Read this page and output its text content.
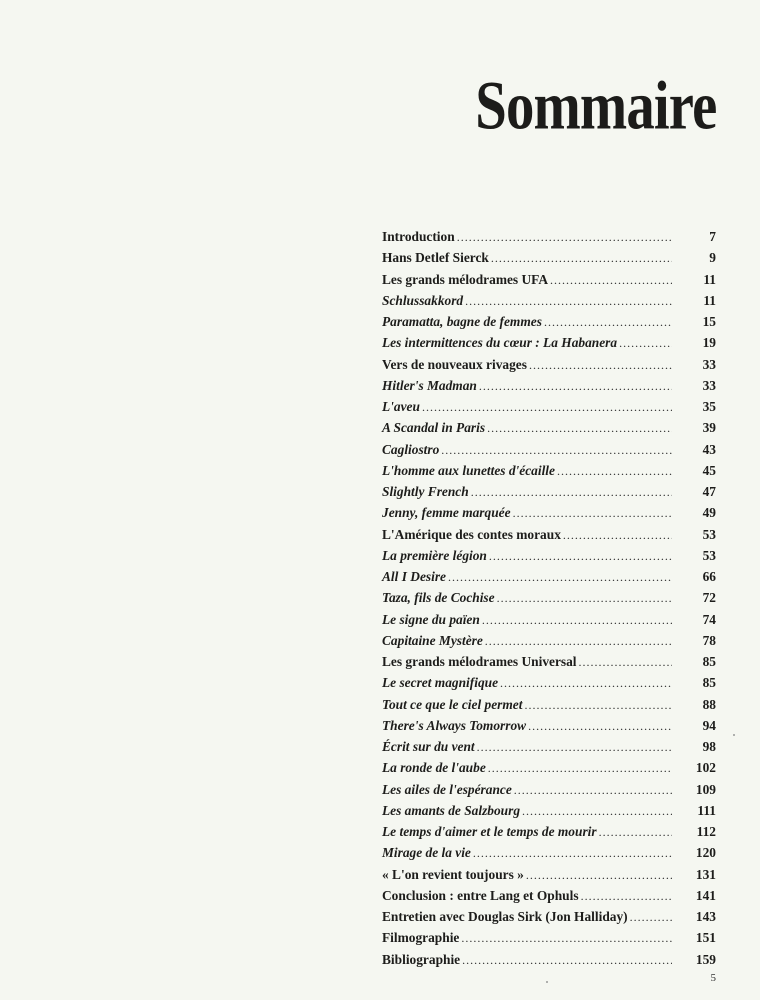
Sommaire
Introduction . . .	7
Hans Detlef Sierck . . .	9
Les grands mélodrames UFA . . .	11
Schlussakkord . . .	11
Paramatta, bagne de femmes . . .	15
Les intermittences du cœur : La Habanera . . .	19
Vers de nouveaux rivages . . .	33
Hitler's Madman . . .	33
L'aveu . . .	35
A Scandal in Paris . . .	39
Cagliostro . . .	43
L'homme aux lunettes d'écaille . . .	45
Slightly French . . .	47
Jenny, femme marquée . . .	49
L'Amérique des contes moraux . . .	53
La première légion . . .	53
All I Desire . . .	66
Taza, fils de Cochise . . .	72
Le signe du païen . . .	74
Capitaine Mystère . . .	78
Les grands mélodrames Universal . . .	85
Le secret magnifique . . .	85
Tout ce que le ciel permet . . .	88
There's Always Tomorrow . . .	94
Écrit sur du vent . . .	98
La ronde de l'aube . . .	102
Les ailes de l'espérance . . .	109
Les amants de Salzbourg . . .	111
Le temps d'aimer et le temps de mourir . . .	112
Mirage de la vie . . .	120
« L'on revient toujours » . . .	131
Conclusion : entre Lang et Ophuls . . .	141
Entretien avec Douglas Sirk (Jon Halliday) . . .	143
Filmographie . . .	151
Bibliographie . . .	159
5
